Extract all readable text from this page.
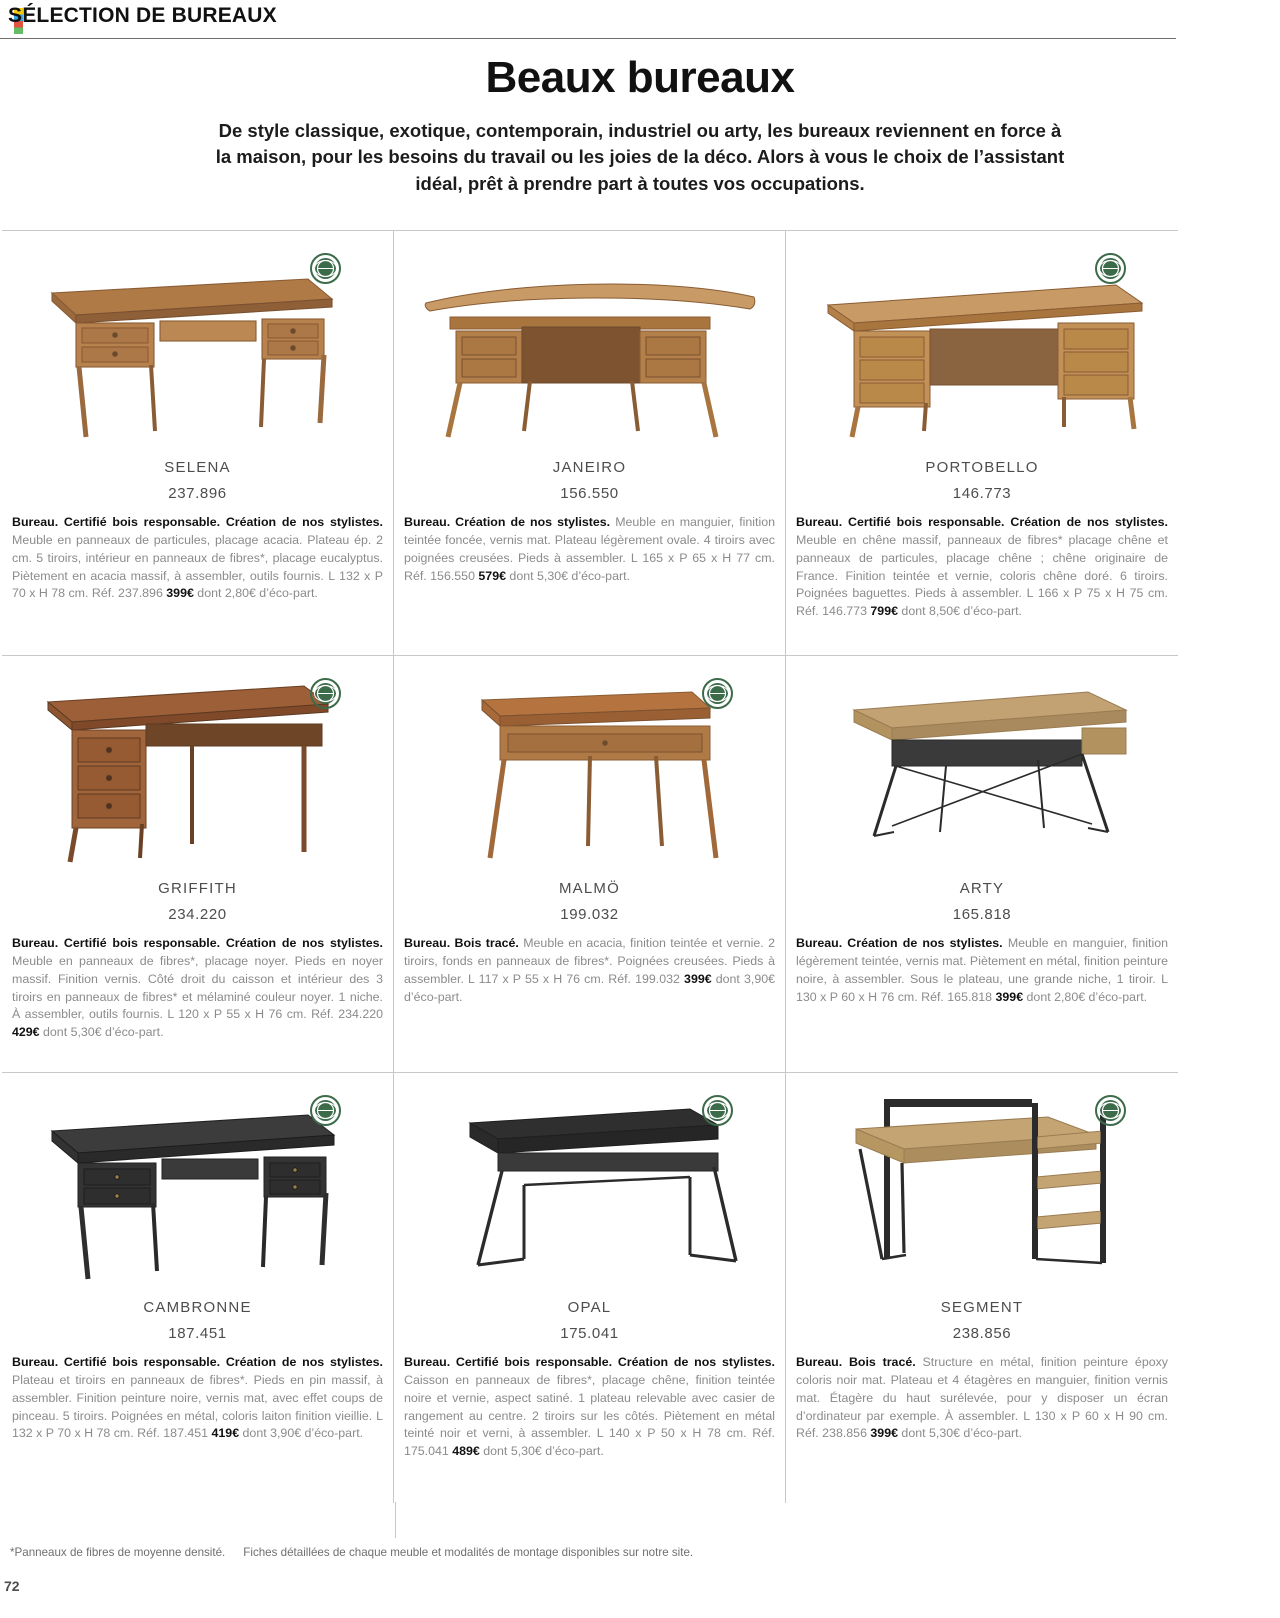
SÉLECTION DE BUREAUX
Beaux bureaux

De style classique, exotique, contemporain, industriel ou arty, les bureaux reviennent en force à la maison, pour les besoins du travail ou les joies de la déco. Alors à vous le choix de l’assistant idéal, prêt à prendre part à toutes vos occupations.

SELENA
237.896
Bureau. Certifié bois responsable. Création de nos stylistes. Meuble en panneaux de particules, placage acacia. Plateau ép. 2 cm. 5 tiroirs, intérieur en panneaux de fibres*, placage eucalyptus. Piètement en acacia massif, à assembler, outils fournis. L 132 x P 70 x H 78 cm. Réf. 237.896 399€ dont 2,80€ d’éco-part.
JANEIRO
156.550
Bureau. Création de nos stylistes. Meuble en manguier, finition teintée foncée, vernis mat. Plateau légèrement ovale. 4 tiroirs avec poignées creusées. Pieds à assembler. L 165 x P 65 x H 77 cm. Réf. 156.550 579€ dont 5,30€ d’éco-part.
PORTOBELLO
146.773
Bureau. Certifié bois responsable. Création de nos stylistes. Meuble en chêne massif, panneaux de fibres* placage chêne et panneaux de particules, placage chêne ; chêne originaire de France. Finition teintée et vernie, coloris chêne doré. 6 tiroirs. Poignées baguettes. Pieds à assembler. L 166 x P 75 x H 75 cm. Réf. 146.773 799€ dont 8,50€ d’éco-part.
GRIFFITH
234.220
Bureau. Certifié bois responsable. Création de nos stylistes. Meuble en panneaux de fibres*, placage noyer. Pieds en noyer massif. Finition vernis. Côté droit du caisson et intérieur des 3 tiroirs en panneaux de fibres* et mélaminé couleur noyer. 1 niche. À assembler, outils fournis. L 120 x P 55 x H 76 cm. Réf. 234.220 429€ dont 5,30€ d’éco-part.
MALMÖ
199.032
Bureau. Bois tracé. Meuble en acacia, finition teintée et vernie. 2 tiroirs, fonds en panneaux de fibres*. Poignées creusées. Pieds à assembler. L 117 x P 55 x H 76 cm. Réf. 199.032 399€ dont 3,90€ d’éco-part.
ARTY
165.818
Bureau. Création de nos stylistes. Meuble en manguier, finition légèrement teintée, vernis mat. Piètement en métal, finition peinture noire, à assembler. Sous le plateau, une grande niche, 1 tiroir. L 130 x P 60 x H 76 cm. Réf. 165.818 399€ dont 2,80€ d’éco-part.
CAMBRONNE
187.451
Bureau. Certifié bois responsable. Création de nos stylistes. Plateau et tiroirs en panneaux de fibres*. Pieds en pin massif, à assembler. Finition peinture noire, vernis mat, avec effet coups de pinceau. 5 tiroirs. Poignées en métal, coloris laiton finition vieillie. L 132 x P 70 x H 78 cm. Réf. 187.451 419€ dont 3,90€ d’éco-part.
OPAL
175.041
Bureau. Certifié bois responsable. Création de nos stylistes. Caisson en panneaux de fibres*, placage chêne, finition teintée noire et vernie, aspect satiné. 1 plateau relevable avec casier de rangement au centre. 2 tiroirs sur les côtés. Piètement en métal teinté noir et verni, à assembler. L 140 x P 50 x H 78 cm. Réf. 175.041 489€ dont 5,30€ d’éco-part.
SEGMENT
238.856
Bureau. Bois tracé. Structure en métal, finition peinture époxy coloris noir mat. Plateau et 4 étagères en manguier, finition vernis mat. Étagère du haut surélevée, pour y disposer un écran d’ordinateur par exemple. À assembler. L 130 x P 60 x H 90 cm. Réf. 238.856 399€ dont 5,30€ d’éco-part.
*Panneaux de fibres de moyenne densité. Fiches détaillées de chaque meuble et modalités de montage disponibles sur notre site.
72
